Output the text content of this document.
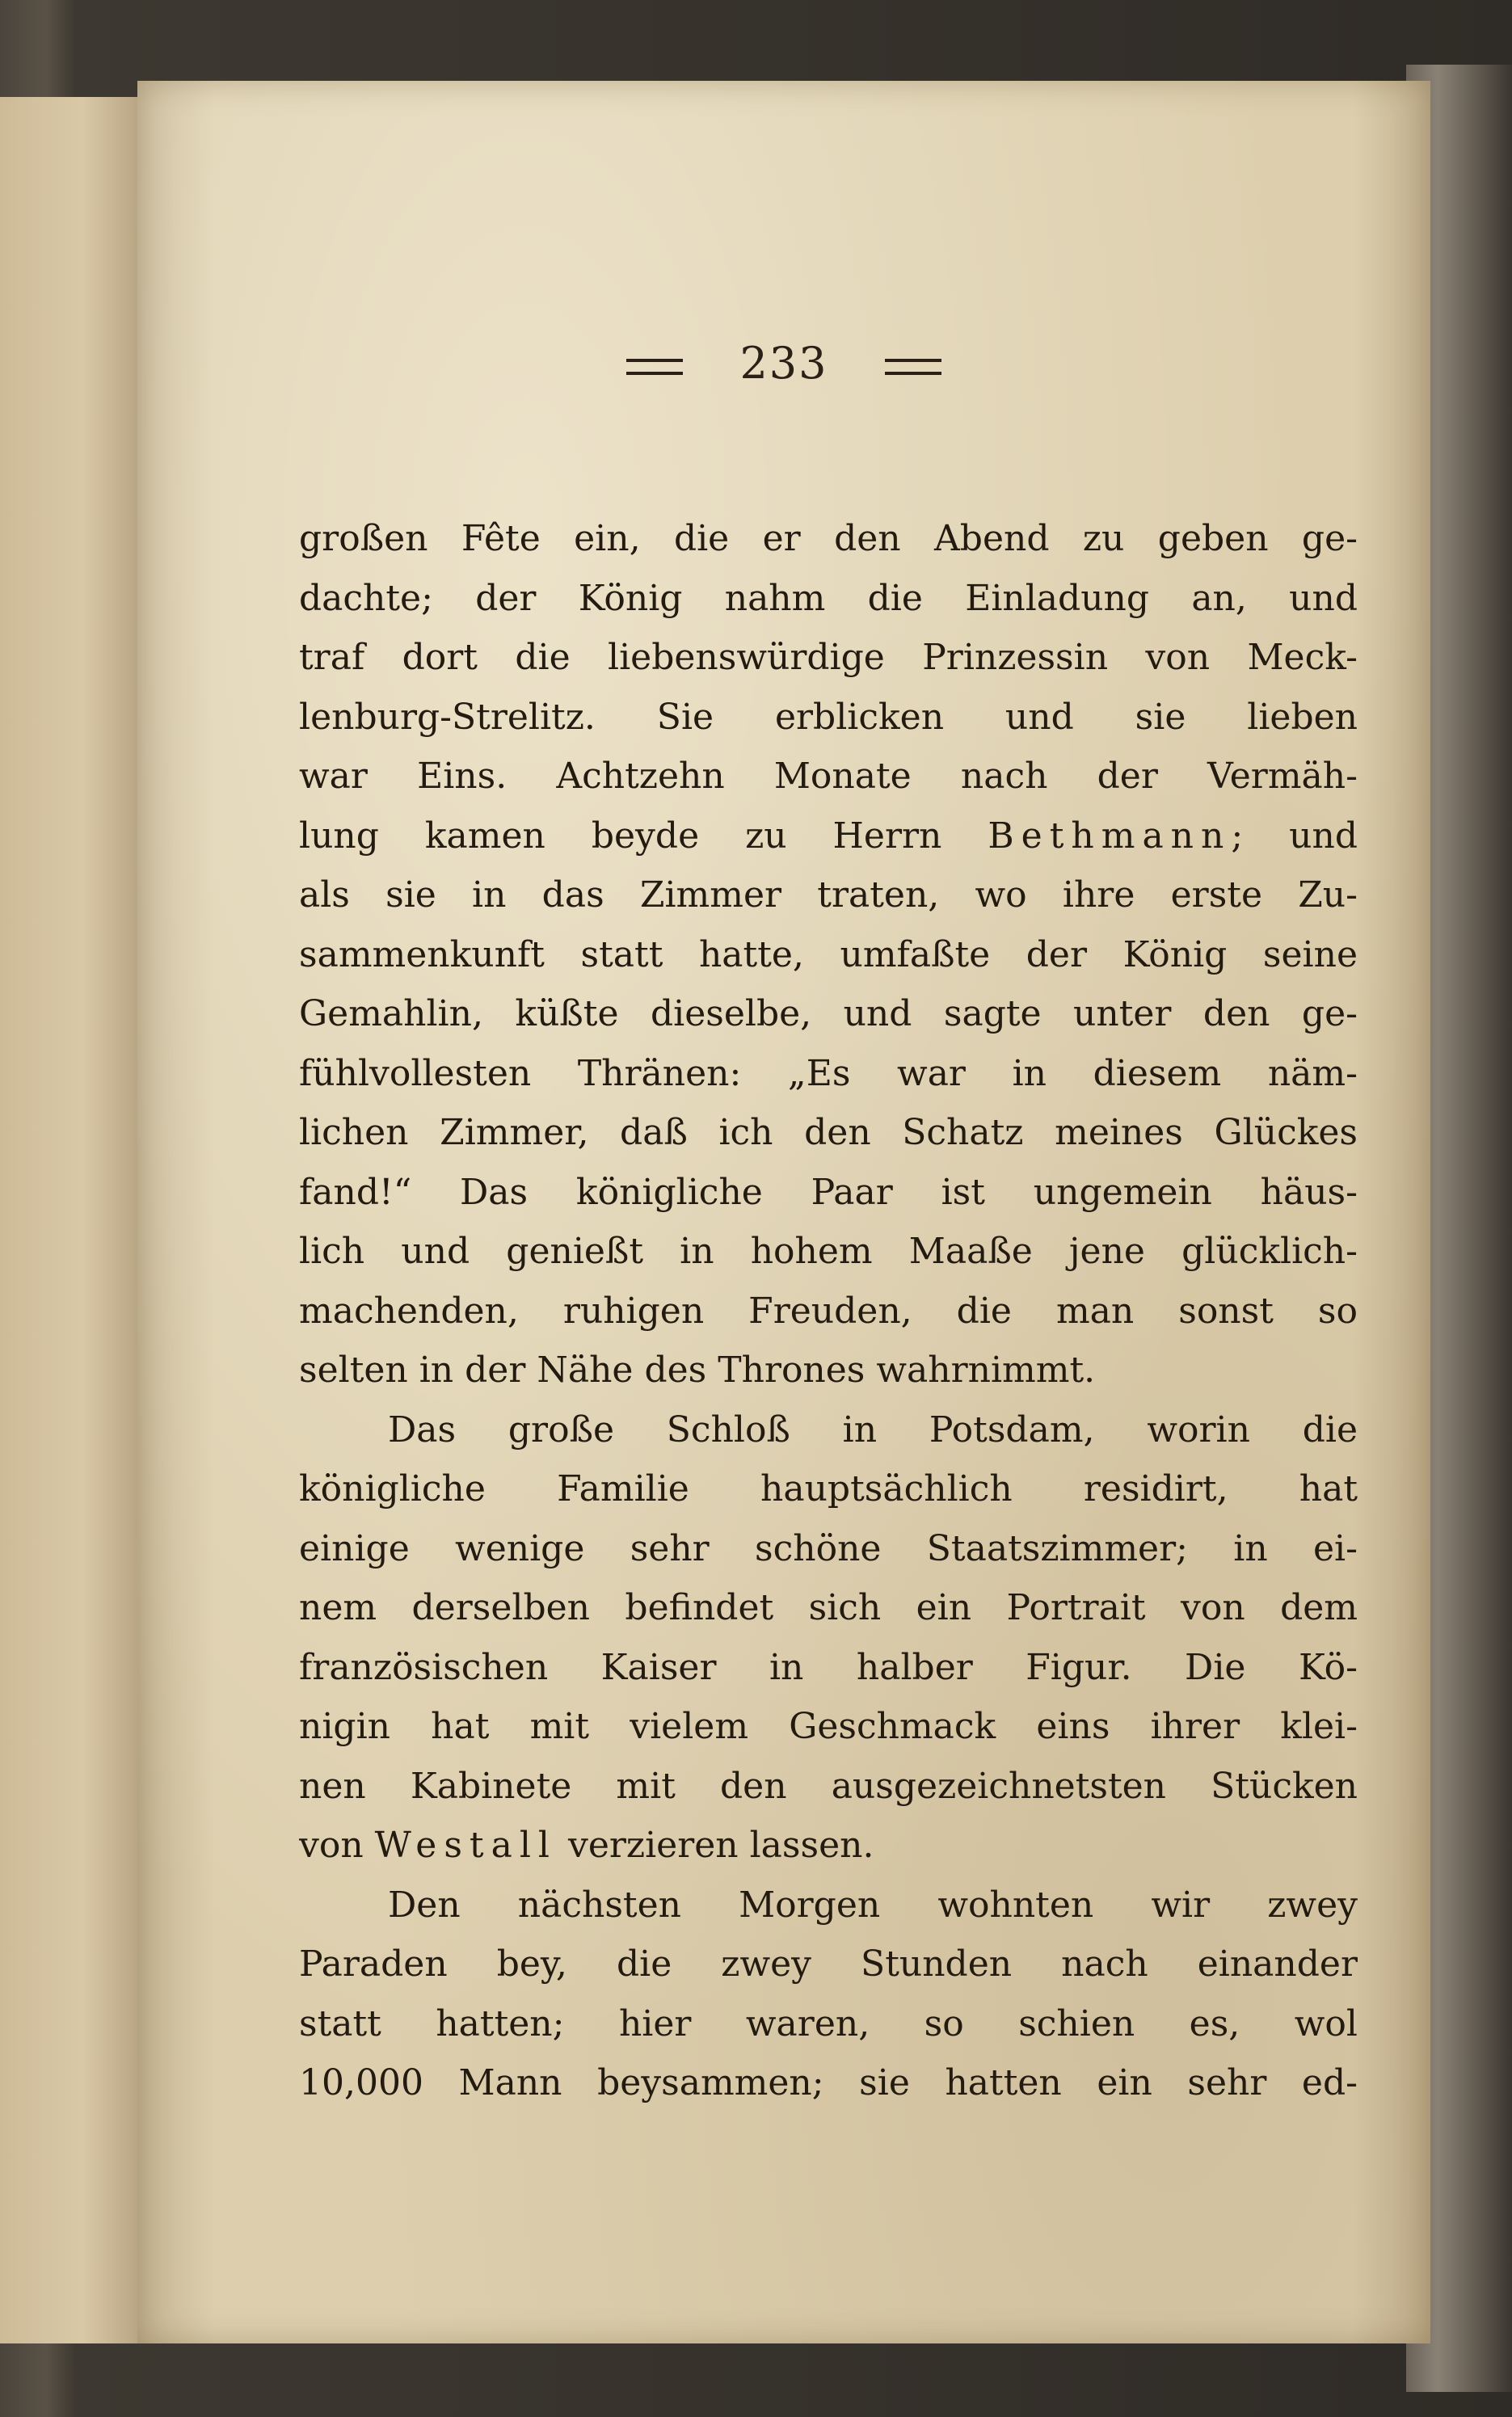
233
großen Fête ein, die er den Abend zu geben ge-
dachte; der König nahm die Einladung an, und
traf dort die liebenswürdige Prinzessin von Meck-
lenburg-Strelitz. Sie erblicken und sie lieben
war Eins. Achtzehn Monate nach der Vermäh-
lung kamen beyde zu Herrn Bethmann; und
als sie in das Zimmer traten, wo ihre erste Zu-
sammenkunft statt hatte, umfaßte der König seine
Gemahlin, küßte dieselbe, und sagte unter den ge-
fühlvollesten Thränen: „Es war in diesem näm-
lichen Zimmer, daß ich den Schatz meines Glückes
fand!“ Das königliche Paar ist ungemein häus-
lich und genießt in hohem Maaße jene glücklich-
machenden, ruhigen Freuden, die man sonst so
selten in der Nähe des Thrones wahrnimmt.
Das große Schloß in Potsdam, worin die
königliche Familie hauptsächlich residirt, hat
einige wenige sehr schöne Staatszimmer; in ei-
nem derselben befindet sich ein Portrait von dem
französischen Kaiser in halber Figur. Die Kö-
nigin hat mit vielem Geschmack eins ihrer klei-
nen Kabinete mit den ausgezeichnetsten Stücken
von Westall verzieren lassen.
Den nächsten Morgen wohnten wir zwey
Paraden bey, die zwey Stunden nach einander
statt hatten; hier waren, so schien es, wol
10,000 Mann beysammen; sie hatten ein sehr ed-
